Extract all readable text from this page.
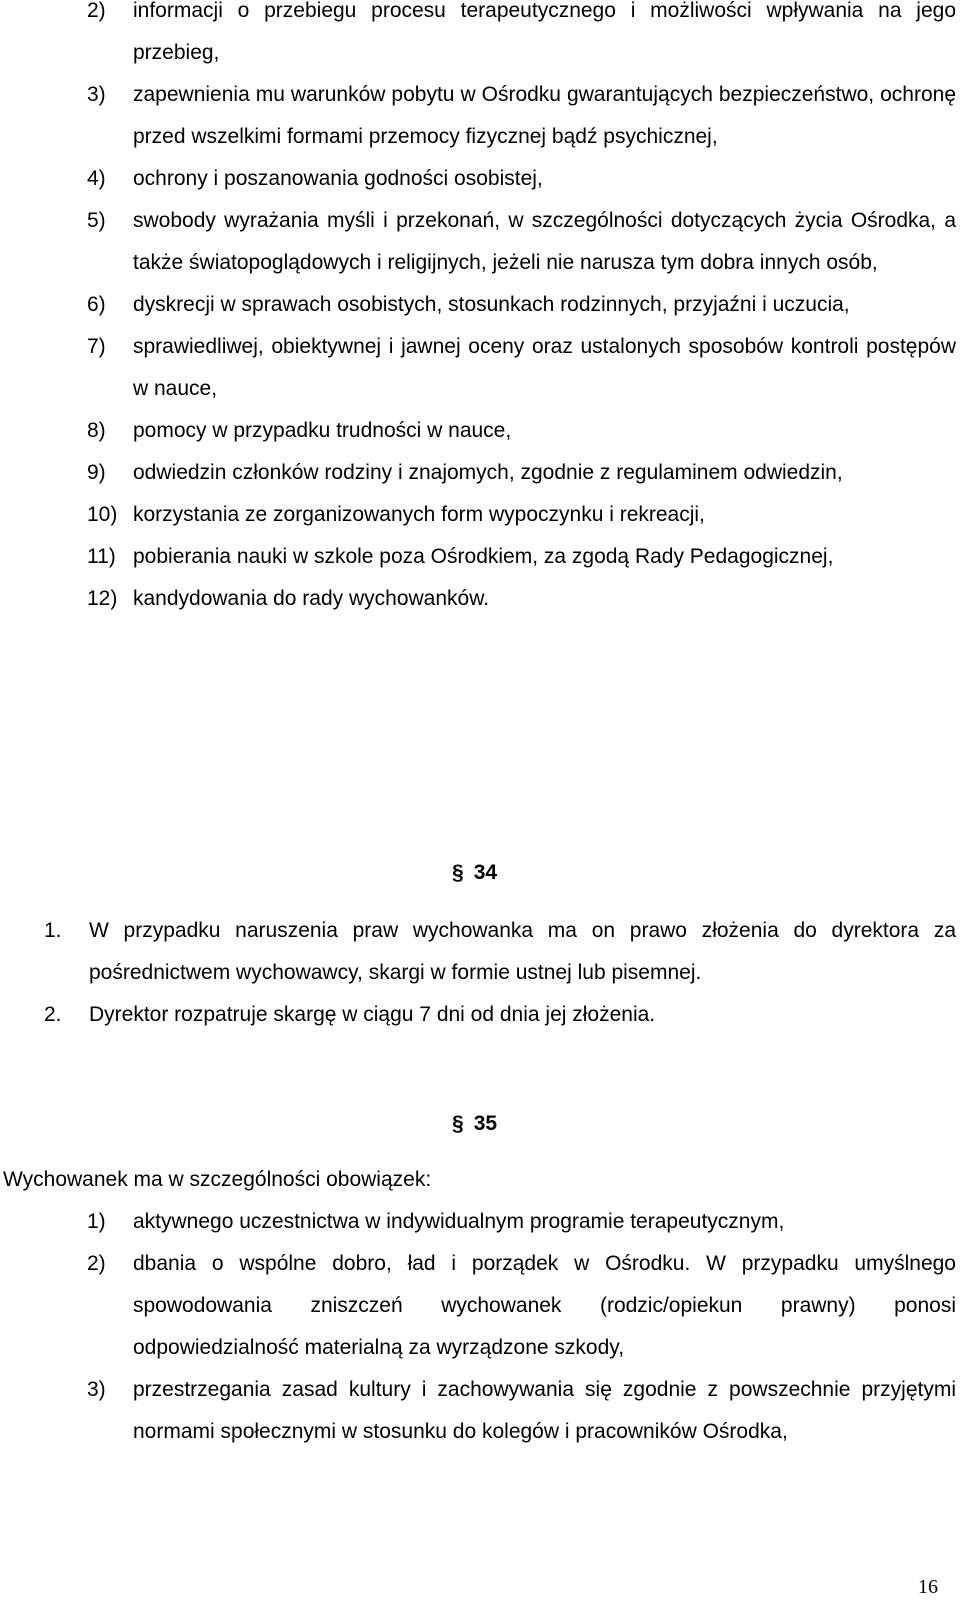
2) informacji o przebiegu procesu terapeutycznego i możliwości wpływania na jego przebieg,
3) zapewnienia mu warunków pobytu w Ośrodku gwarantujących bezpieczeństwo, ochronę przed wszelkimi formami przemocy fizycznej bądź psychicznej,
4) ochrony i poszanowania godności osobistej,
5) swobody wyrażania myśli i przekonań, w szczególności dotyczących życia Ośrodka, a także światopoglądowych i religijnych, jeżeli nie narusza tym dobra innych osób,
6) dyskrecji w sprawach osobistych, stosunkach rodzinnych, przyjaźni i uczucia,
7) sprawiedliwej, obiektywnej i jawnej oceny oraz ustalonych sposobów kontroli postępów w nauce,
8) pomocy w przypadku trudności w nauce,
9) odwiedzin członków rodziny i znajomych, zgodnie z regulaminem odwiedzin,
10) korzystania ze zorganizowanych form wypoczynku i rekreacji,
11) pobierania nauki w szkole poza Ośrodkiem, za zgodą Rady Pedagogicznej,
12) kandydowania do rady wychowanków.
§ 34
1. W przypadku naruszenia praw wychowanka ma on prawo złożenia do dyrektora za pośrednictwem wychowawcy, skargi w formie ustnej lub pisemnej.
2. Dyrektor rozpatruje skargę w ciągu 7 dni od dnia jej złożenia.
§ 35
Wychowanek ma w szczególności obowiązek:
1) aktywnego uczestnictwa w indywidualnym programie terapeutycznym,
2) dbania o wspólne dobro, ład i porządek w Ośrodku. W przypadku umyślnego spowodowania zniszczeń wychowanek (rodzic/opiekun prawny) ponosi odpowiedzialność materialną za wyrządzone szkody,
3) przestrzegania zasad kultury i zachowywania się zgodnie z powszechnie przyjętymi normami społecznymi w stosunku do kolegów i pracowników Ośrodka,
16
